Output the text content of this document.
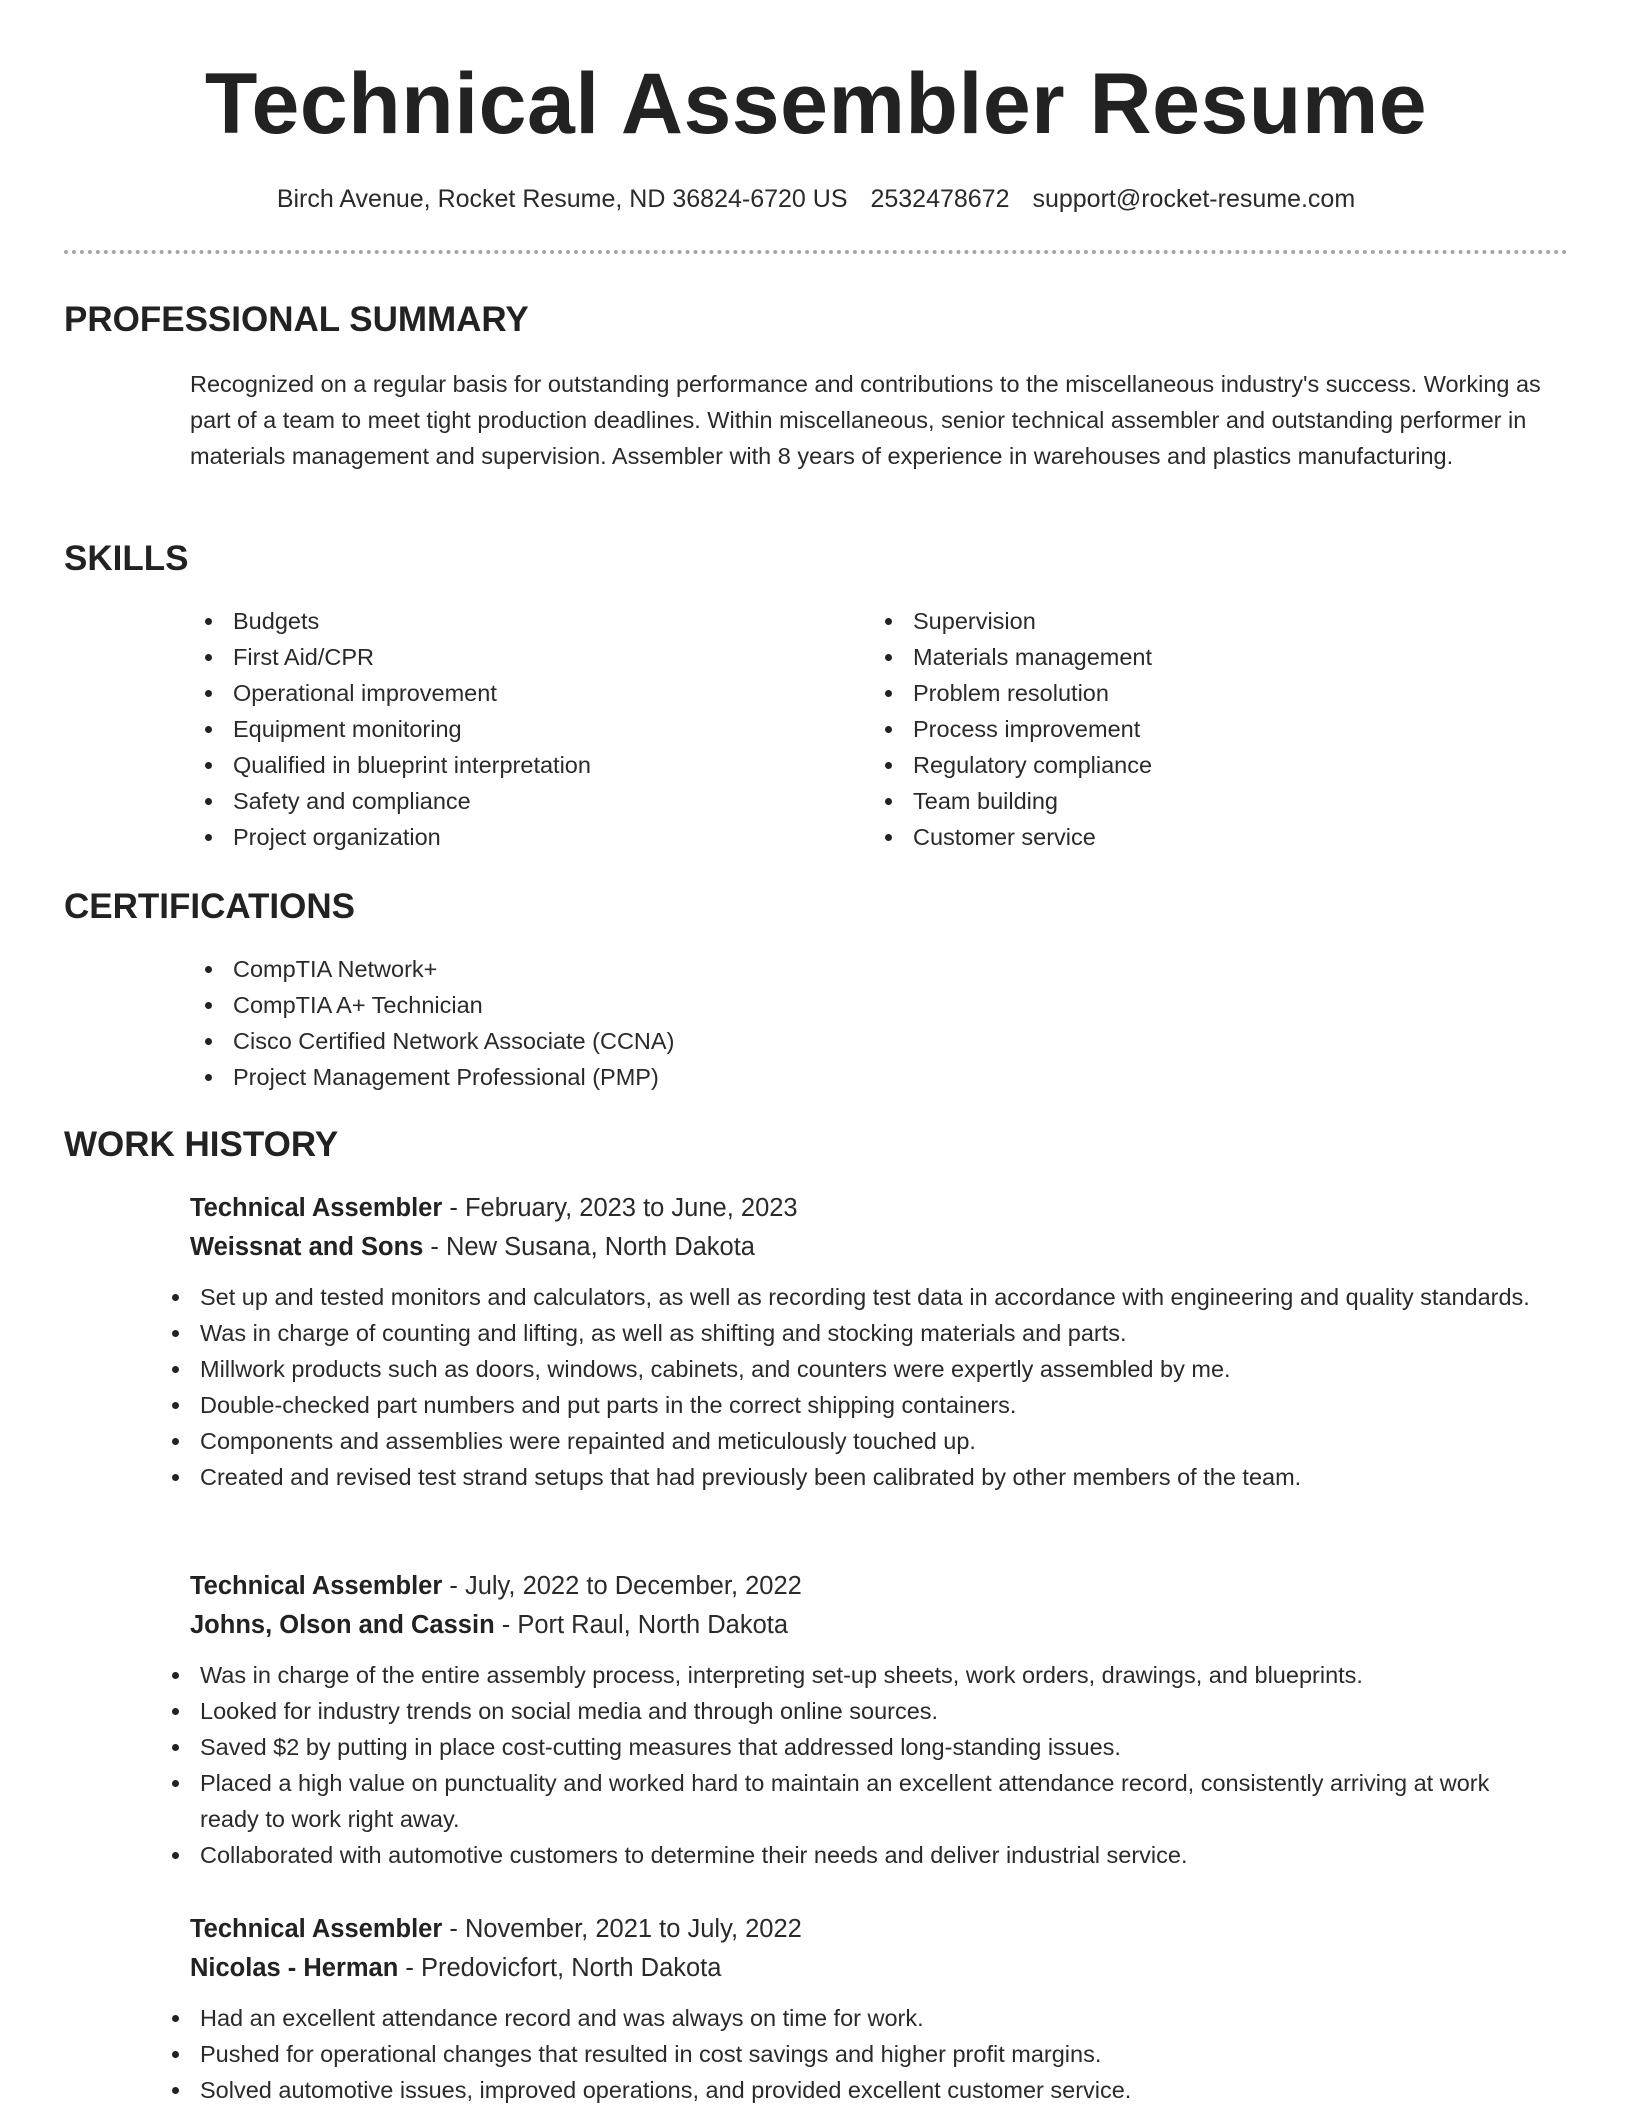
Technical Assembler Resume
Birch Avenue, Rocket Resume, ND 36824-6720 US 2532478672 support@rocket-resume.com
PROFESSIONAL SUMMARY

Recognized on a regular basis for outstanding performance and contributions to the miscellaneous industry's success. Working as part of a team to meet tight production deadlines. Within miscellaneous, senior technical assembler and outstanding performer in materials management and supervision. Assembler with 8 years of experience in warehouses and plastics manufacturing.

SKILLS
Budgets
First Aid/CPR
Operational improvement
Equipment monitoring
Qualified in blueprint interpretation
Safety and compliance
Project organization
Supervision
Materials management
Problem resolution
Process improvement
Regulatory compliance
Team building
Customer service
CERTIFICATIONS
CompTIA Network+
CompTIA A+ Technician
Cisco Certified Network Associate (CCNA)
Project Management Professional (PMP)
WORK HISTORY

Technical Assembler - February, 2023 to June, 2023

Weissnat and Sons - New Susana, North Dakota

Set up and tested monitors and calculators, as well as recording test data in accordance with engineering and quality standards.
Was in charge of counting and lifting, as well as shifting and stocking materials and parts.
Millwork products such as doors, windows, cabinets, and counters were expertly assembled by me.
Double-checked part numbers and put parts in the correct shipping containers.
Components and assemblies were repainted and meticulously touched up.
Created and revised test strand setups that had previously been calibrated by other members of the team.

Technical Assembler - July, 2022 to December, 2022

Johns, Olson and Cassin - Port Raul, North Dakota

Was in charge of the entire assembly process, interpreting set-up sheets, work orders, drawings, and blueprints.
Looked for industry trends on social media and through online sources.
Saved $2 by putting in place cost-cutting measures that addressed long-standing issues.
Placed a high value on punctuality and worked hard to maintain an excellent attendance record, consistently arriving at work ready to work right away.
Collaborated with automotive customers to determine their needs and deliver industrial service.

Technical Assembler - November, 2021 to July, 2022

Nicolas - Herman - Predovicfort, North Dakota

Had an excellent attendance record and was always on time for work.
Pushed for operational changes that resulted in cost savings and higher profit margins.
Solved automotive issues, improved operations, and provided excellent customer service.
